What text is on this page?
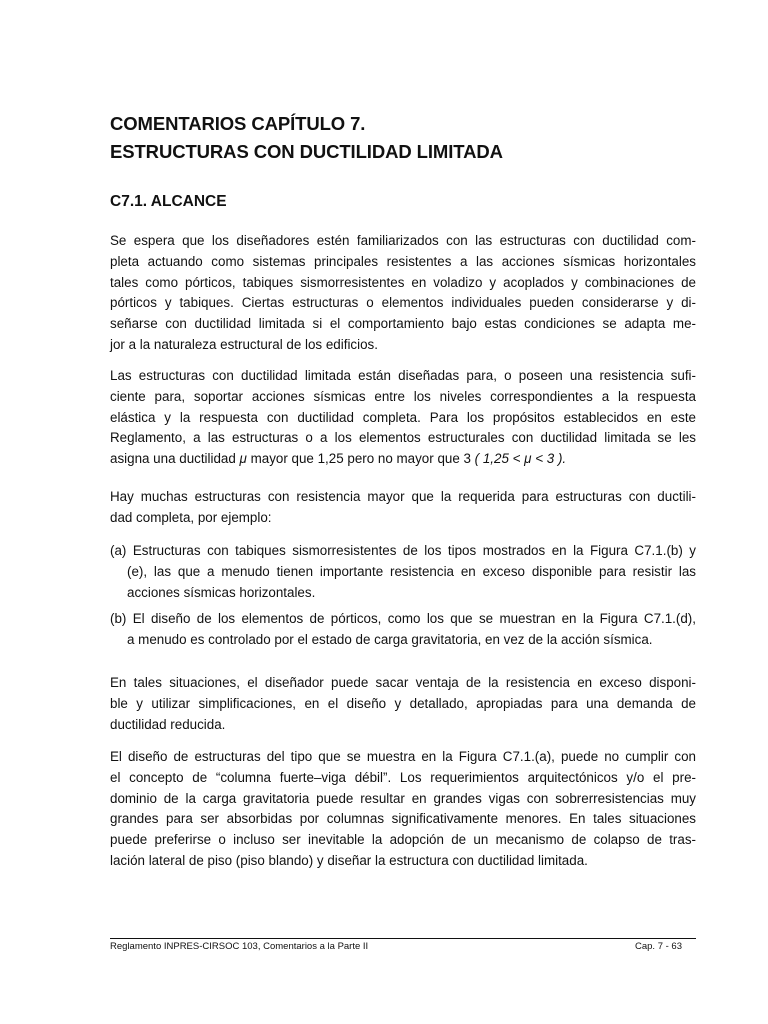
COMENTARIOS CAPÍTULO 7.
ESTRUCTURAS CON DUCTILIDAD LIMITADA
C7.1. ALCANCE
Se espera que los diseñadores estén familiarizados con las estructuras con ductilidad com-
pleta actuando como sistemas principales resistentes a las acciones sísmicas horizontales
tales como pórticos, tabiques sismorresistentes en voladizo y acoplados y combinaciones de
pórticos y tabiques. Ciertas estructuras o elementos individuales pueden considerarse y di-
señarse con ductilidad limitada si el comportamiento bajo estas condiciones se adapta me-
jor a la naturaleza estructural de los edificios.
Las estructuras con ductilidad limitada están diseñadas para, o poseen una resistencia sufi-
ciente para, soportar acciones sísmicas entre los niveles correspondientes a la respuesta
elástica y la respuesta con ductilidad completa. Para los propósitos establecidos en este
Reglamento, a las estructuras o a los elementos estructurales con ductilidad limitada se les
asigna una ductilidad μ mayor que 1,25 pero no mayor que 3 ( 1,25 < μ < 3 ).
Hay muchas estructuras con resistencia mayor que la requerida para estructuras con ductili-
dad completa, por ejemplo:
(a) Estructuras con tabiques sismorresistentes de los tipos mostrados en la Figura C7.1.(b) y
(e), las que a menudo tienen importante resistencia en exceso disponible para resistir las
acciones sísmicas horizontales.
(b) El diseño de los elementos de pórticos, como los que se muestran en la Figura C7.1.(d),
a menudo es controlado por el estado de carga gravitatoria, en vez de la acción sísmica.
En tales situaciones, el diseñador puede sacar ventaja de la resistencia en exceso disponi-
ble y utilizar simplificaciones, en el diseño y detallado, apropiadas para una demanda de
ductilidad reducida.
El diseño de estructuras del tipo que se muestra en la Figura C7.1.(a), puede no cumplir con
el concepto de “columna fuerte–viga débil”. Los requerimientos arquitectónicos y/o el pre-
dominio de la carga gravitatoria puede resultar en grandes vigas con sobrerresistencias muy
grandes para ser absorbidas por columnas significativamente menores. En tales situaciones
puede preferirse o incluso ser inevitable la adopción de un mecanismo de colapso de tras-
lación lateral de piso (piso blando) y diseñar la estructura con ductilidad limitada.
Reglamento INPRES-CIRSOC 103, Comentarios a la Parte II	Cap. 7 - 63
